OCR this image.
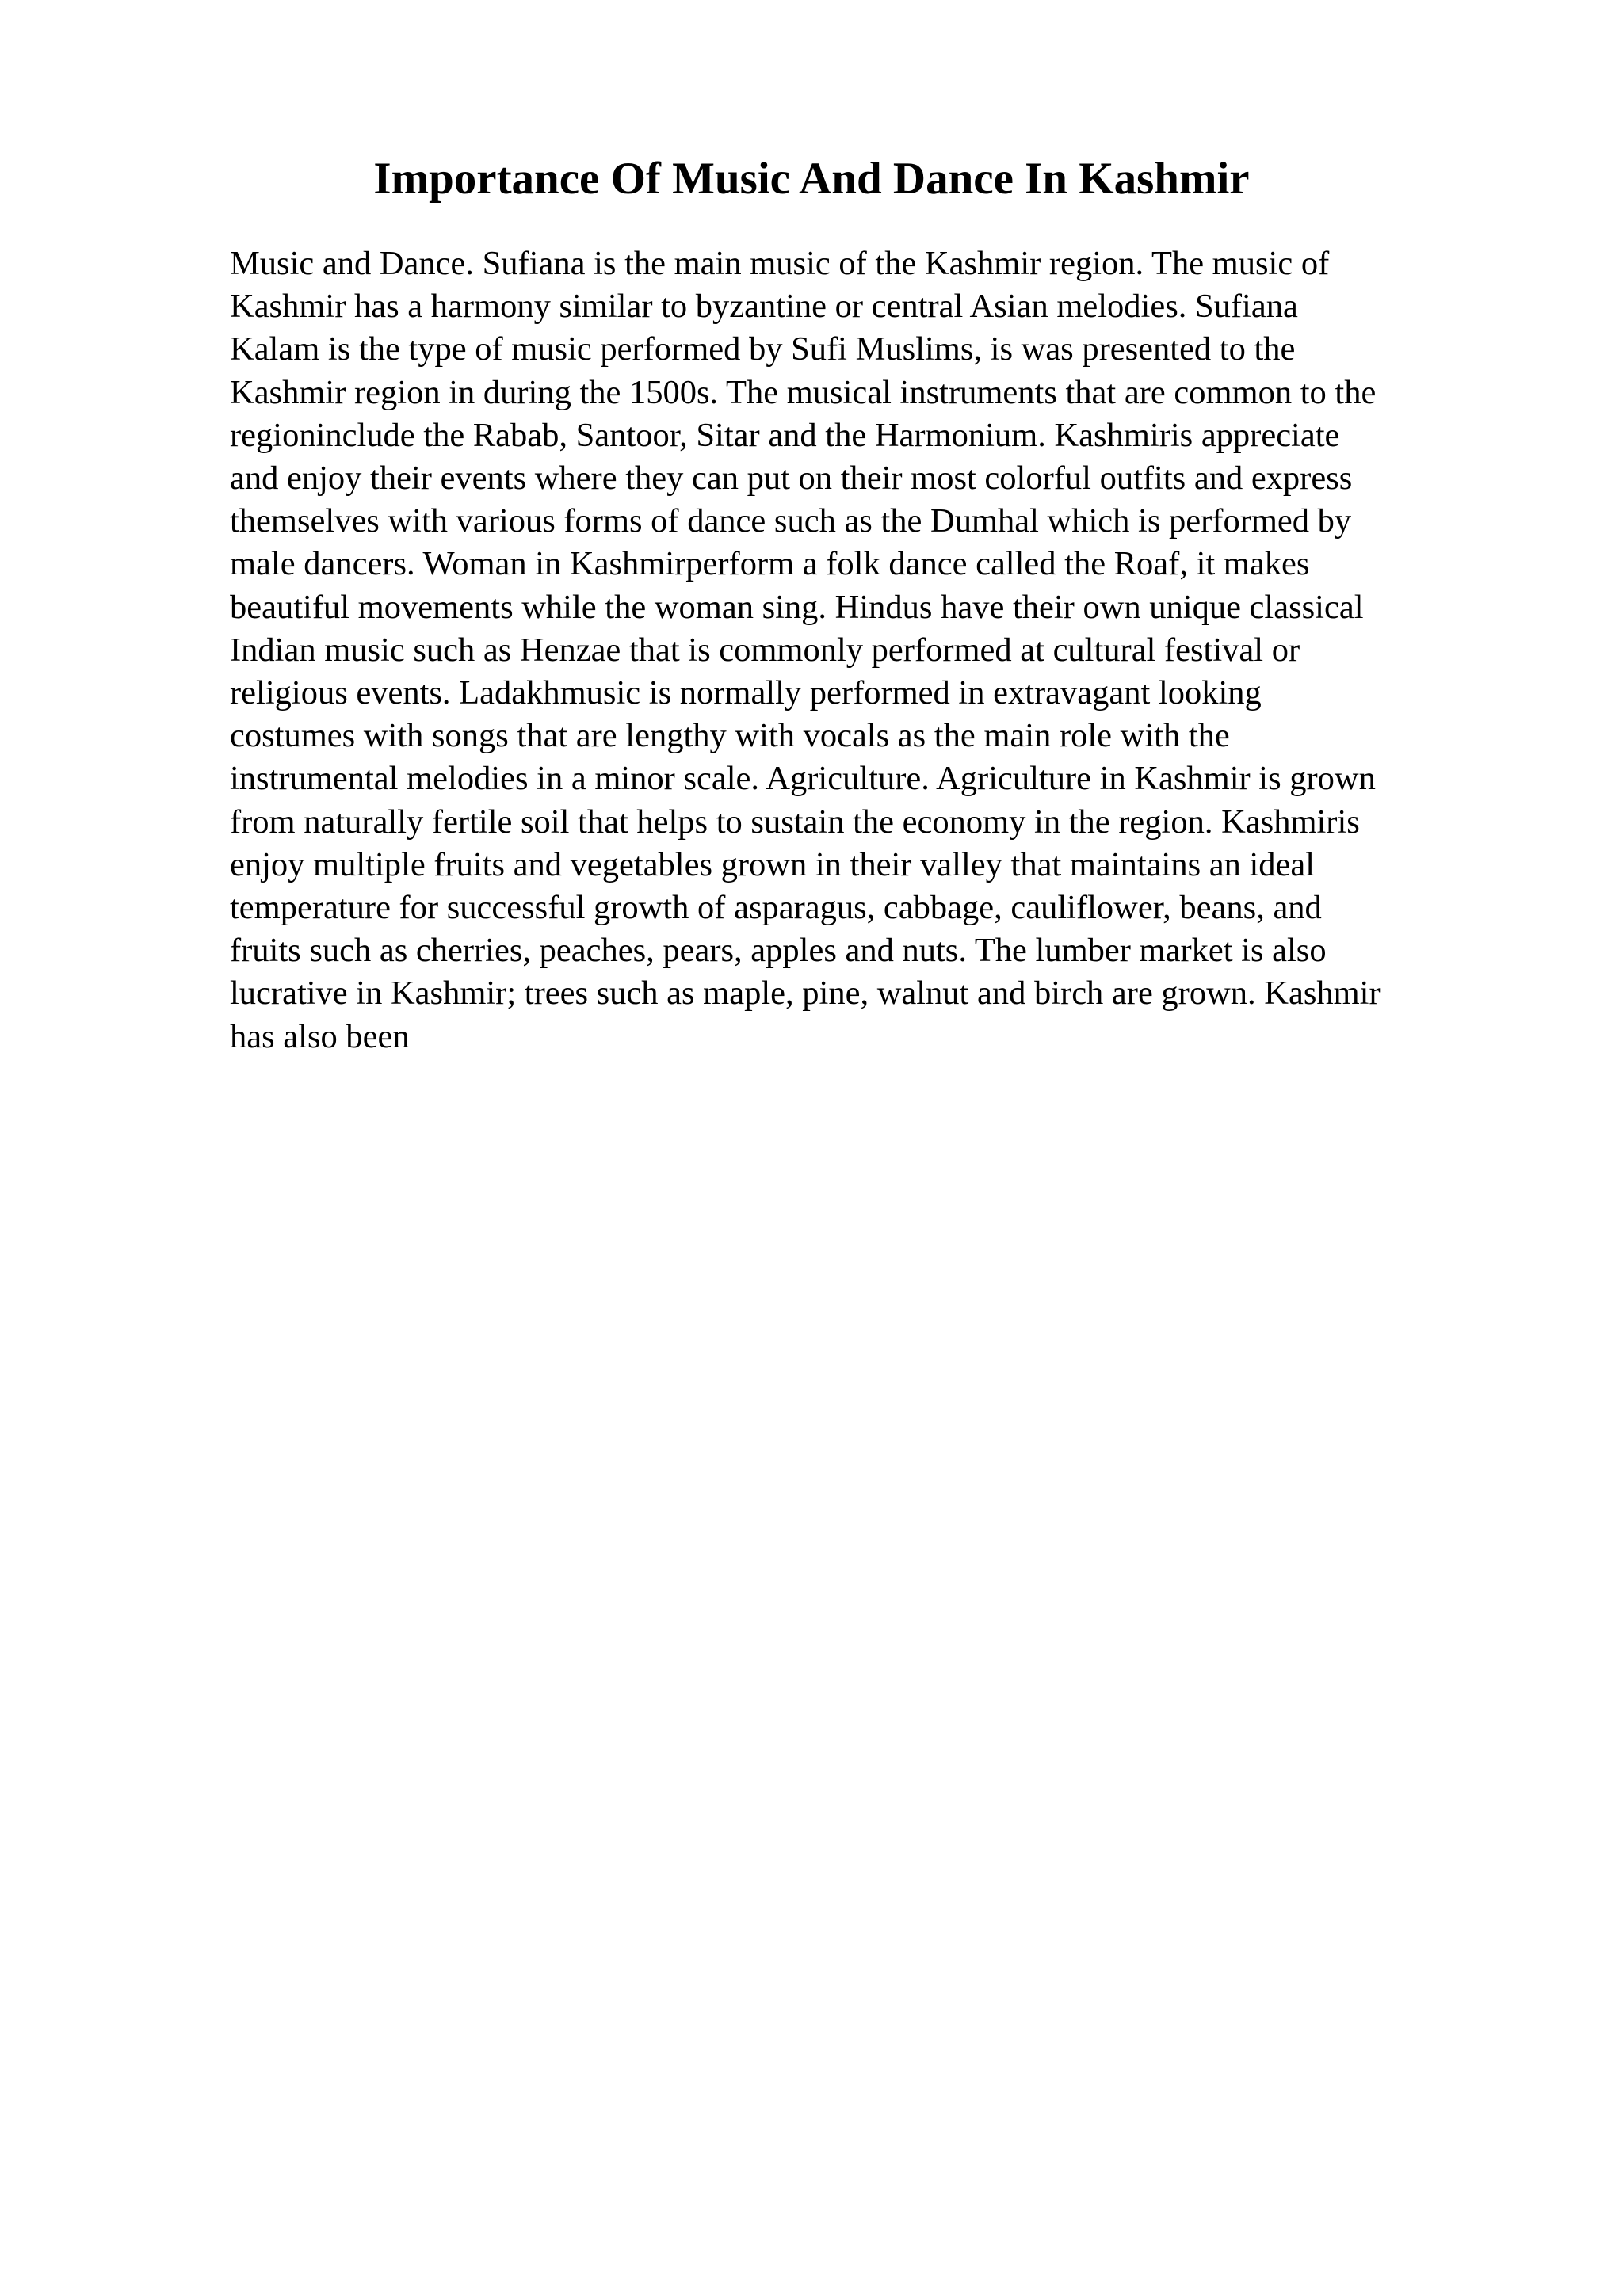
Importance Of Music And Dance In Kashmir
Music and Dance. Sufiana is the main music of the Kashmir region. The music of
Kashmir has a harmony similar to byzantine or central Asian melodies. Sufiana
Kalam is the type of music performed by Sufi Muslims, is was presented to the
Kashmir region in during the 1500s. The musical instruments that are common to the
regioninclude the Rabab, Santoor, Sitar and the Harmonium. Kashmiris appreciate
and enjoy their events where they can put on their most colorful outfits and express
themselves with various forms of dance such as the Dumhal which is performed by
male dancers. Woman in Kashmirperform a folk dance called the Roaf, it makes
beautiful movements while the woman sing. Hindus have their own unique classical
Indian music such as Henzae that is commonly performed at cultural festival or
religious events. Ladakhmusic is normally performed in extravagant looking
costumes with songs that are lengthy with vocals as the main role with the
instrumental melodies in a minor scale. Agriculture. Agriculture in Kashmir is grown
from naturally fertile soil that helps to sustain the economy in the region. Kashmiris
enjoy multiple fruits and vegetables grown in their valley that maintains an ideal
temperature for successful growth of asparagus, cabbage, cauliflower, beans, and
fruits such as cherries, peaches, pears, apples and nuts. The lumber market is also
lucrative in Kashmir; trees such as maple, pine, walnut and birch are grown. Kashmir
has also been
